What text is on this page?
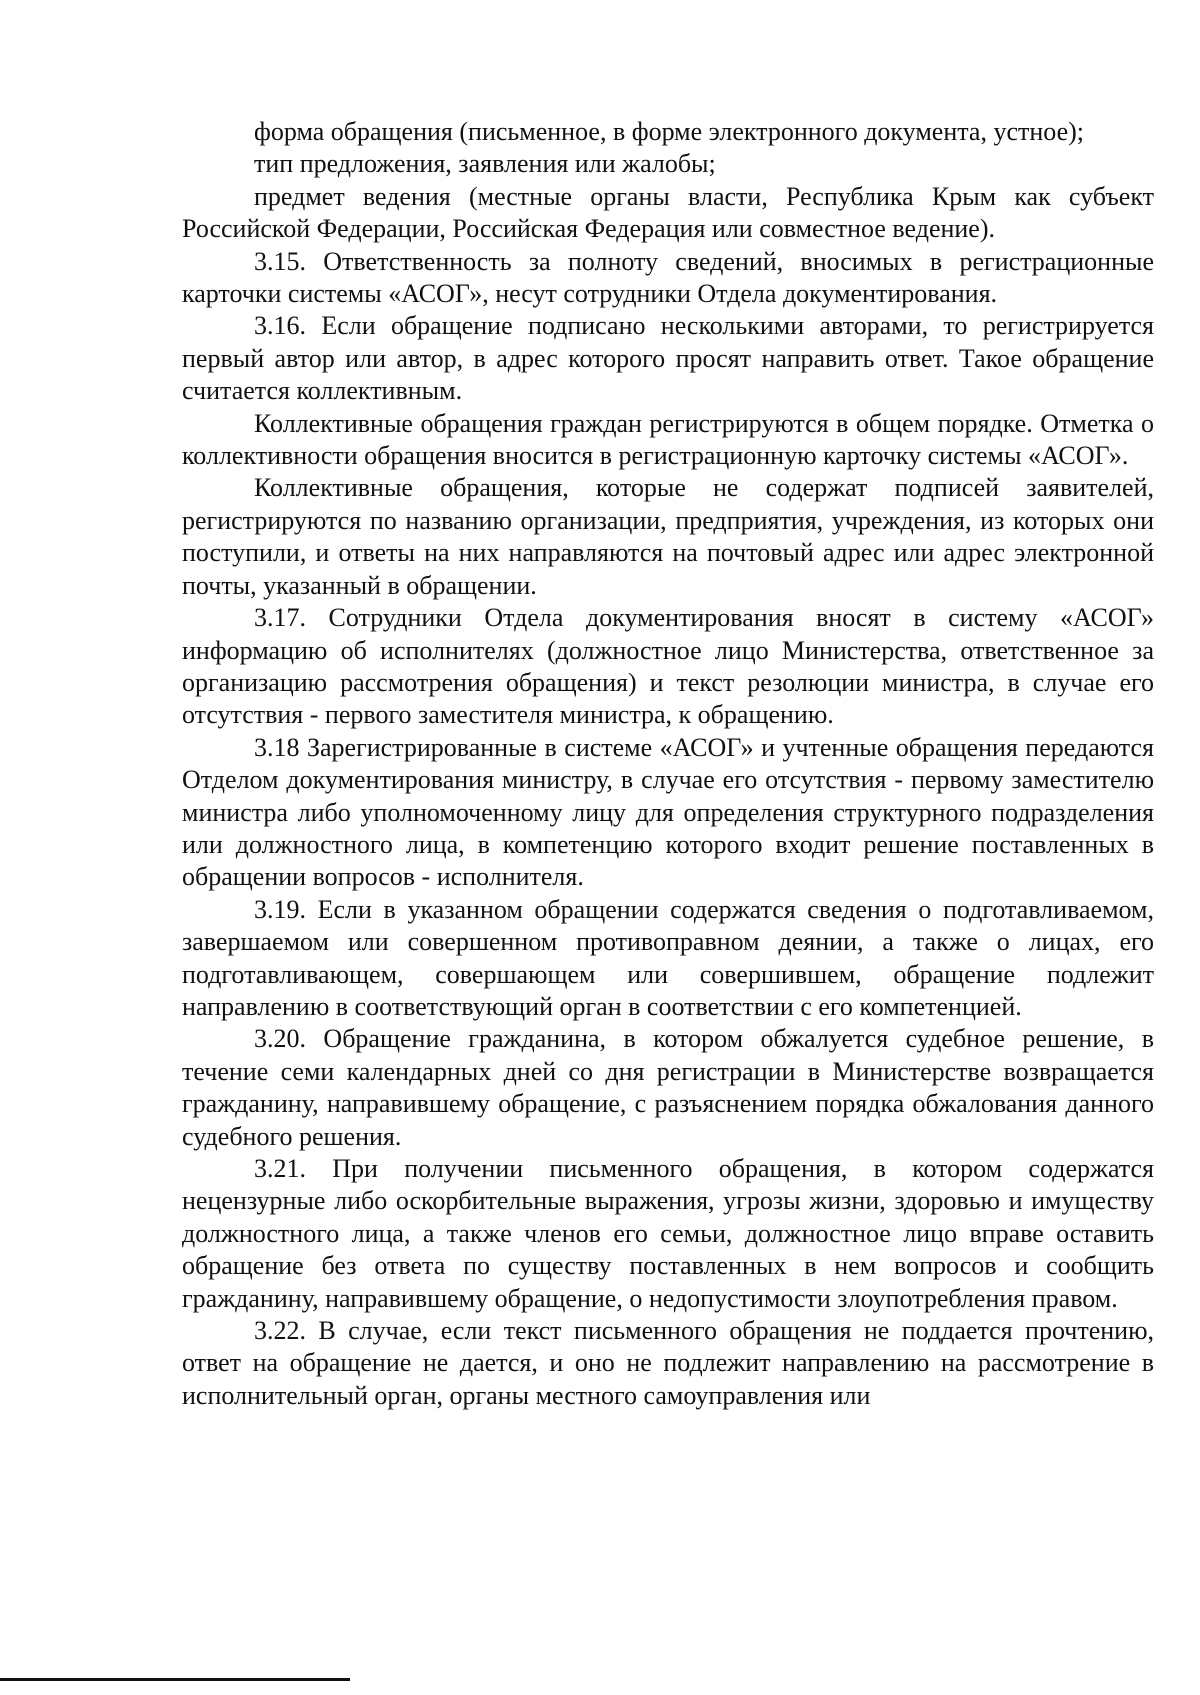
форма обращения (письменное, в форме электронного документа, устное);

тип предложения, заявления или жалобы;

предмет ведения (местные органы власти, Республика Крым как субъект Российской Федерации, Российская Федерация или совместное ведение).

3.15. Ответственность за полноту сведений, вносимых в регистрационные карточки системы «АСОГ», несут сотрудники Отдела документирования.

3.16. Если обращение подписано несколькими авторами, то регистрируется первый автор или автор, в адрес которого просят направить ответ. Такое обращение считается коллективным.

Коллективные обращения граждан регистрируются в общем порядке. Отметка о коллективности обращения вносится в регистрационную карточку системы «АСОГ».

Коллективные обращения, которые не содержат подписей заявителей, регистрируются по названию организации, предприятия, учреждения, из которых они поступили, и ответы на них направляются на почтовый адрес или адрес электронной почты, указанный в обращении.

3.17. Сотрудники Отдела документирования вносят в систему «АСОГ» информацию об исполнителях (должностное лицо Министерства, ответственное за организацию рассмотрения обращения) и текст резолюции министра, в случае его отсутствия - первого заместителя министра, к обращению.

3.18 Зарегистрированные в системе «АСОГ» и учтенные обращения передаются Отделом документирования министру, в случае его отсутствия - первому заместителю министра либо уполномоченному лицу для определения структурного подразделения или должностного лица, в компетенцию которого входит решение поставленных в обращении вопросов - исполнителя.

3.19. Если в указанном обращении содержатся сведения о подготавливаемом, завершаемом или совершенном противоправном деянии, а также о лицах, его подготавливающем, совершающем или совершившем, обращение подлежит направлению в соответствующий орган в соответствии с его компетенцией.

3.20. Обращение гражданина, в котором обжалуется судебное решение, в течение семи календарных дней со дня регистрации в Министерстве возвращается гражданину, направившему обращение, с разъяснением порядка обжалования данного судебного решения.

3.21. При получении письменного обращения, в котором содержатся нецензурные либо оскорбительные выражения, угрозы жизни, здоровью и имуществу должностного лица, а также членов его семьи, должностное лицо вправе оставить обращение без ответа по существу поставленных в нем вопросов и сообщить гражданину, направившему обращение, о недопустимости злоупотребления правом.

3.22. В случае, если текст письменного обращения не поддается прочтению, ответ на обращение не дается, и оно не подлежит направлению на рассмотрение в исполнительный орган, органы местного самоуправления или
